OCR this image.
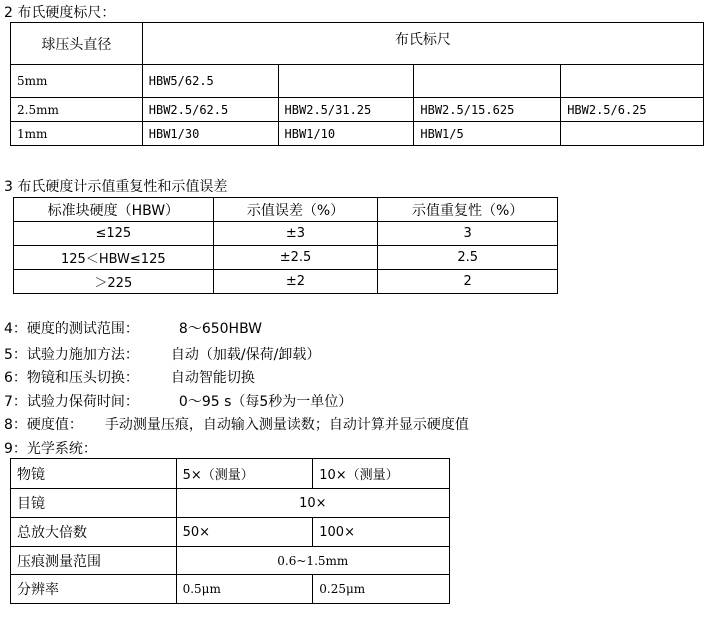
2 布氏硬度标尺：
球压头直径	布氏标尺			
5mm	HBW5/62.5			
2.5mm	HBW2.5/62.5	HBW2.5/31.25	HBW2.5/15.625	HBW2.5/6.25
1mm	HBW1/30	HBW1/10	HBW1/5	
3 布氏硬度计示值重复性和示值误差
标准块硬度（HBW）	示值误差（%）	示值重复性（%）
≤125	±3	3
125＜HBW≤125	±2.5	2.5
＞225	±2	2
4：硬度的测试范围：	8～650HBW
5：试验力施加方法： 自动（加载/保荷/卸载）
6：物镜和压头切换： 自动智能切换
7：试验力保荷时间：	0～95 s（每5秒为一单位）
8：硬度值： 手动测量压痕，自动输入测量读数；自动计算并显示硬度值
9：光学系统：
物镜	5×（测量）	10×（测量）
目镜	10×	
总放大倍数	50×	100×
压痕测量范围	0.6~1.5mm	
分辨率	0.5μm	0.25μm
